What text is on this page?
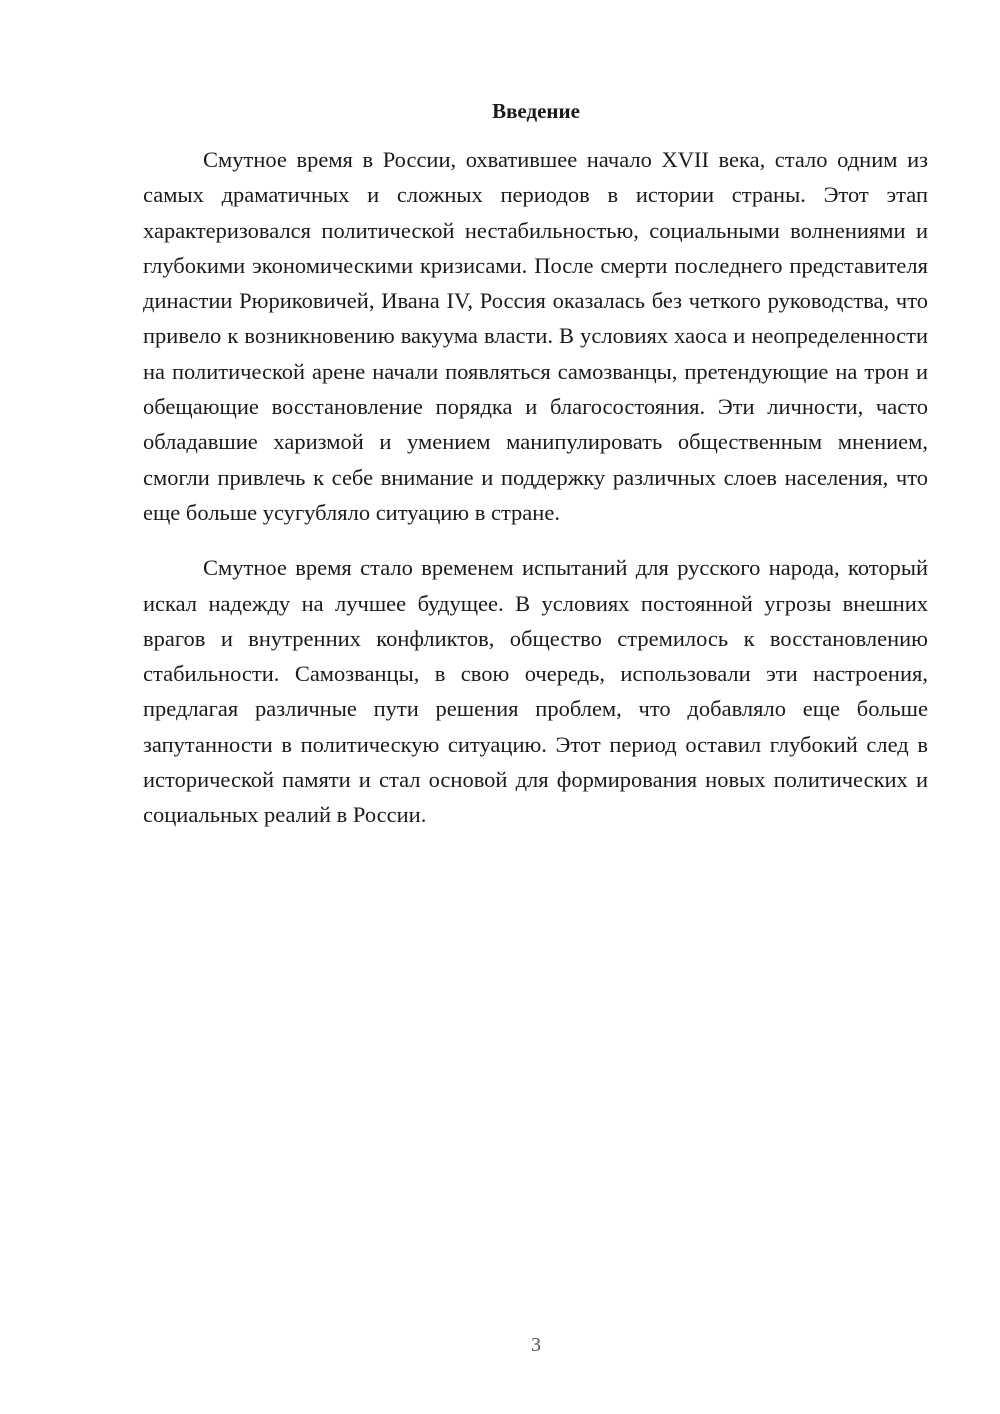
Введение

Смутное время в России, охватившее начало XVII века, стало одним из самых драматичных и сложных периодов в истории страны. Этот этап характеризовался политической нестабильностью, социальными волнениями и глубокими экономическими кризисами. После смерти последнего представителя династии Рюриковичей, Ивана IV, Россия оказалась без четкого руководства, что привело к возникновению вакуума власти. В условиях хаоса и неопределенности на политической арене начали появляться самозванцы, претендующие на трон и обещающие восстановление порядка и благосостояния. Эти личности, часто обладавшие харизмой и умением манипулировать общественным мнением, смогли привлечь к себе внимание и поддержку различных слоев населения, что еще больше усугубляло ситуацию в стране.

Смутное время стало временем испытаний для русского народа, который искал надежду на лучшее будущее. В условиях постоянной угрозы внешних врагов и внутренних конфликтов, общество стремилось к восстановлению стабильности. Самозванцы, в свою очередь, использовали эти настроения, предлагая различные пути решения проблем, что добавляло еще больше запутанности в политическую ситуацию. Этот период оставил глубокий след в исторической памяти и стал основой для формирования новых политических и социальных реалий в России.

3
